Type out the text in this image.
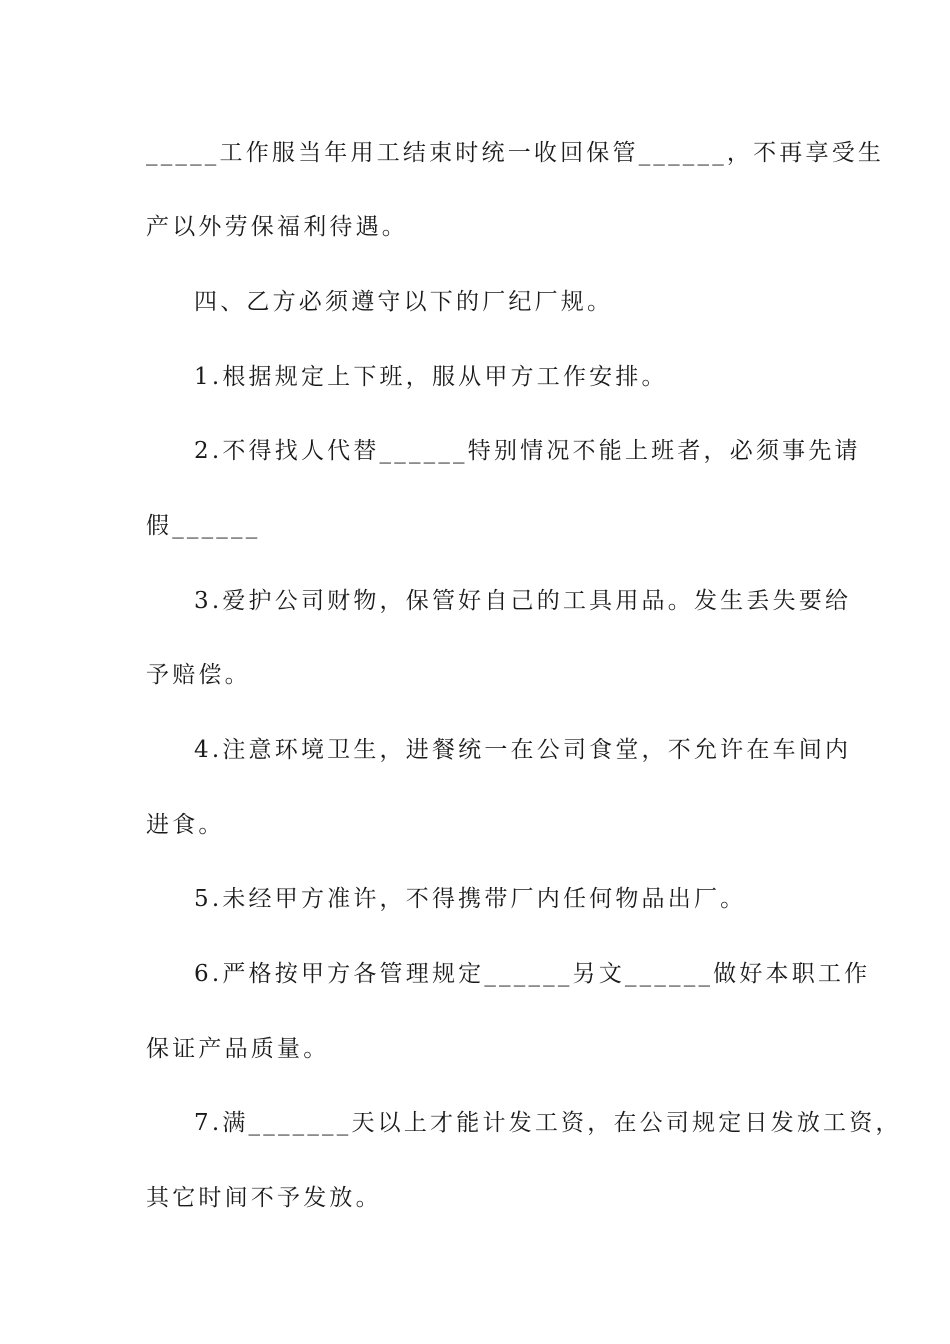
_____工作服当年用工结束时统一收回保管______，不再享受生
产以外劳保福利待遇。
四、乙方必须遵守以下的厂纪厂规。
1.根据规定上下班，服从甲方工作安排。
2.不得找人代替______特别情况不能上班者，必须事先请
假______
3.爱护公司财物，保管好自己的工具用品。发生丢失要给
予赔偿。
4.注意环境卫生，进餐统一在公司食堂，不允许在车间内
进食。
5.未经甲方准许，不得携带厂内任何物品出厂。
6.严格按甲方各管理规定______另文______做好本职工作
保证产品质量。
7.满_______天以上才能计发工资，在公司规定日发放工资，
其它时间不予发放。
